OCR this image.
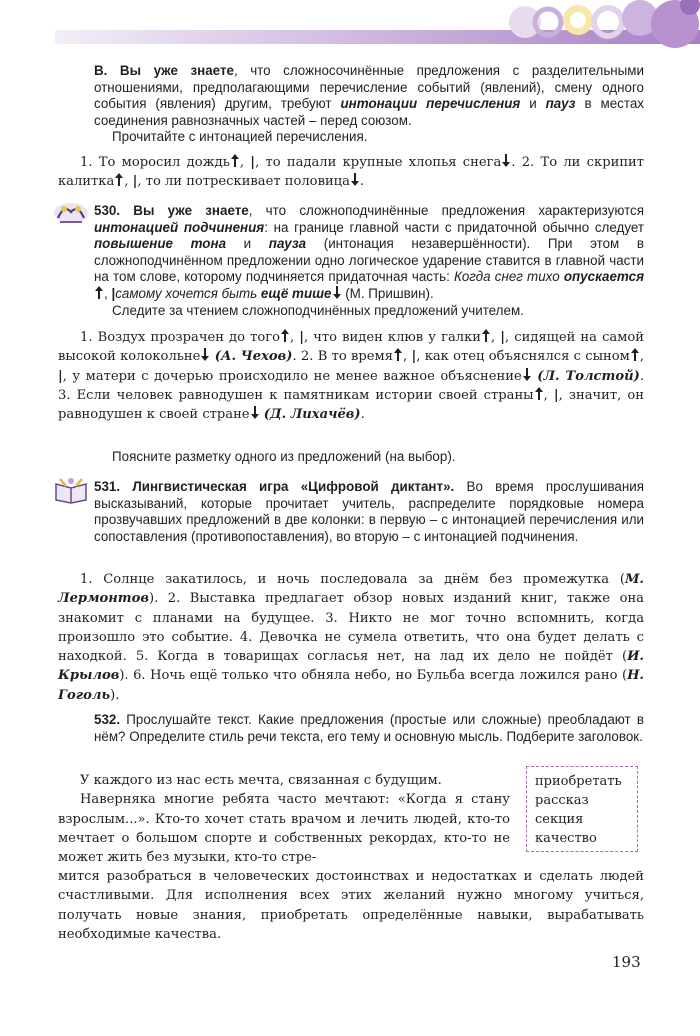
В. Вы уже знаете, что сложносочинённые предложения с разделительными отношениями, предполагающими перечисление событий (явлений), смену одного события (явления) другим, требуют интонации перечисления и пауз в местах соединения равнозначных частей – перед союзом.
Прочитайте с интонацией перечисления.
1. То моросил дождь , |, то падали крупные хлопья снега . 2. То ли скрипит калитка , |, то ли потрескивает половица .
530. Вы уже знаете, что сложноподчинённые предложения характеризуются интонацией подчинения: на границе главной части с придаточной обычно следует повышение тона и пауза (интонация незавершённости). При этом в сложноподчинённом предложении одно логическое ударение ставится в главной части на том слове, которому подчиняется придаточная часть: Когда снег тихо опускается, |самому хочется быть ещё тише (М. Пришвин).
Следите за чтением сложноподчинённых предложений учителем.
1. Воздух прозрачен до того , |, что виден клюв у галки , |, сидящей на самой высокой колокольне (А. Чехов). 2. В то время , |, как отец объяснялся с сыном , |, у матери с дочерью происходило не менее важное объяснение (Л. Толстой). 3. Если человек равнодушен к памятникам истории своей страны , |, значит, он равнодушен к своей стране (Д. Лихачёв).
Поясните разметку одного из предложений (на выбор).
531. Лингвистическая игра «Цифровой диктант». Во время прослушивания высказываний, которые прочитает учитель, распределите порядковые номера прозвучавших предложений в две колонки: в первую – с интонацией перечисления или сопоставления (противопоставления), во вторую – с интонацией подчинения.
1. Солнце закатилось, и ночь последовала за днём без промежутка (М. Лермонтов). 2. Выставка предлагает обзор новых изданий книг, также она знакомит с планами на будущее. 3. Никто не мог точно вспомнить, когда произошло это событие. 4. Девочка не сумела ответить, что она будет делать с находкой. 5. Когда в товарищах согласья нет, на лад их дело не пойдёт (И. Крылов). 6. Ночь ещё только что обняла небо, но Бульба всегда ложился рано (Н. Гоголь).
532. Прослушайте текст. Какие предложения (простые или сложные) преобладают в нём? Определите стиль речи текста, его тему и основную мысль. Подберите заголовок.
У каждого из нас есть мечта, связанная с будущим.
Наверняка многие ребята часто мечтают: «Когда я стану взрослым...». Кто-то хочет стать врачом и лечить людей, кто-то мечтает о большом спорте и собственных рекордах, кто-то не может жить без музыки, кто-то стре-
мится разобраться в человеческих достоинствах и недостатках и сделать людей счастливыми. Для исполнения всех этих желаний нужно многому учиться, получать новые знания, приобретать определённые навыки, вырабатывать необходимые качества.
приобретать
рассказ
секция
качество
193
